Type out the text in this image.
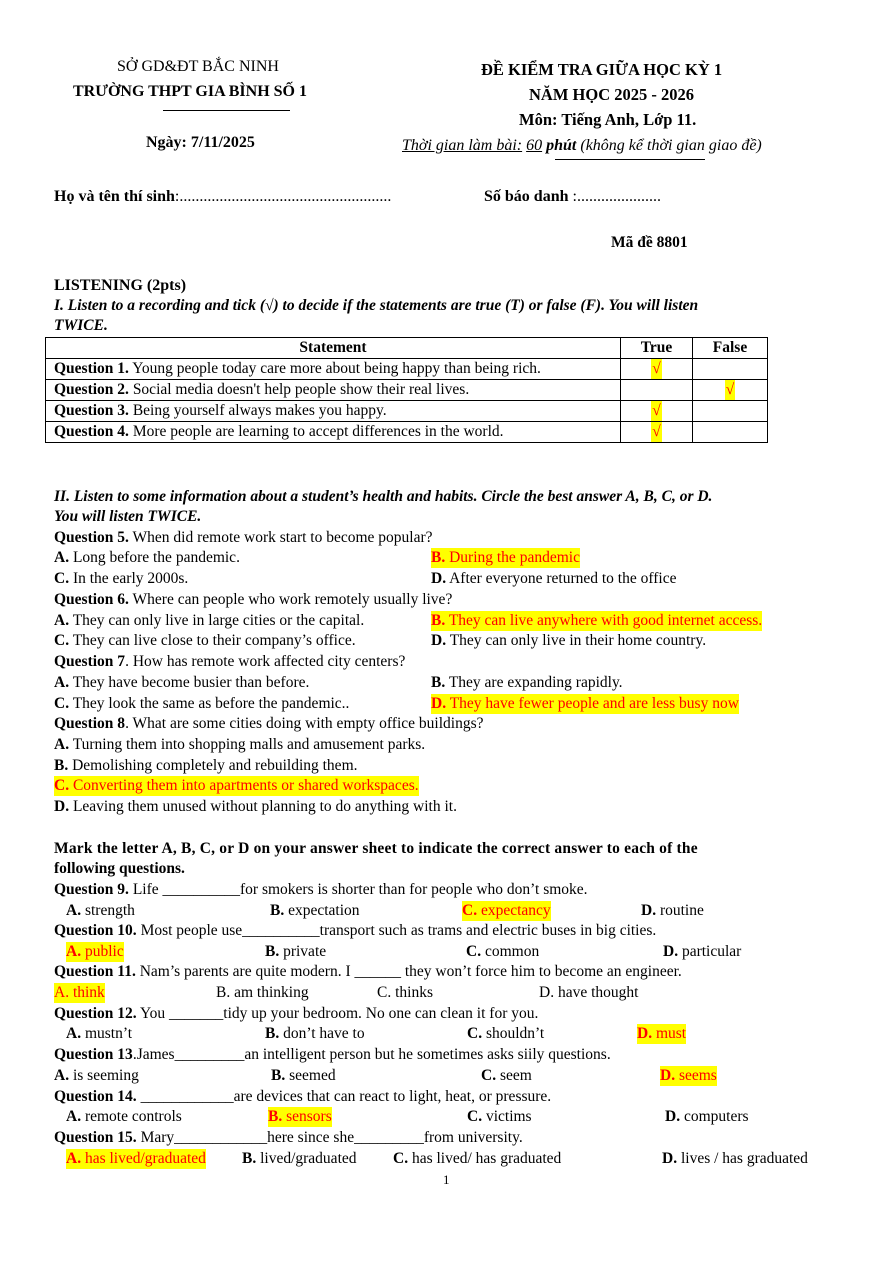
SỞ GD&ĐT BẮC NINH
TRƯỜNG THPT GIA BÌNH SỐ 1
Ngày: 7/11/2025
ĐỀ KIỂM TRA GIỮA HỌC KỲ 1
NĂM HỌC 2025 - 2026
Môn: Tiếng Anh, Lớp 11.
Thời gian làm bài: 60 phút (không kể thời gian giao đề)
Họ và tên thí sinh:.....................................................	Số báo danh :.....................
Mã đề 8801
LISTENING (2pts)
I. Listen to a recording and tick (√) to decide if the statements are true (T) or false (F). You will listen
TWICE.
Statement	True	False
Question 1. Young people today care more about being happy than being rich.	√	
Question 2. Social media doesn't help people show their real lives.		√
Question 3. Being yourself always makes you happy.	√	
Question 4. More people are learning to accept differences in the world.	√	
II. Listen to some information about a student’s health and habits. Circle the best answer A, B, C, or D.
You will listen TWICE.
Question 5. When did remote work start to become popular?
A. Long before the pandemic.	B. During the pandemic
C. In the early 2000s.	D. After everyone returned to the office
Question 6. Where can people who work remotely usually live?
A. They can only live in large cities or the capital.	B. They can live anywhere with good internet access.
C. They can live close to their company’s office.	D. They can only live in their home country.
Question 7. How has remote work affected city centers?
A. They have become busier than before.	B. They are expanding rapidly.
C. They look the same as before the pandemic..	D. They have fewer people and are less busy now
Question 8. What are some cities doing with empty office buildings?
A. Turning them into shopping malls and amusement parks.
B. Demolishing completely and rebuilding them.
C. Converting them into apartments or shared workspaces.
D. Leaving them unused without planning to do anything with it.
Mark the letter A, B, C, or D on your answer sheet to indicate the correct answer to each of the
following questions.
Question 9. Life __________for smokers is shorter than for people who don’t smoke.
A. strength	B. expectation	C. expectancy	D. routine
Question 10. Most people use__________transport such as trams and electric buses in big cities.
A. public	B. private	C. common	D. particular
Question 11. Nam’s parents are quite modern. I ______ they won’t force him to become an engineer.
A. think	B. am thinking	C. thinks	D. have thought
Question 12. You _______tidy up your bedroom. No one can clean it for you.
A. mustn’t	B. don’t have to	C. shouldn’t	D. must
Question 13.James_________an intelligent person but he sometimes asks siily questions.
A. is seeming	B. seemed	C. seem	D. seems
Question 14. ____________are devices that can react to light, heat, or pressure.
A. remote controls	B. sensors	C. victims	D. computers
Question 15. Mary____________here since she_________from university.
A. has lived/graduated B. lived/graduated C. has lived/ has graduated	D. lives / has graduated
1
